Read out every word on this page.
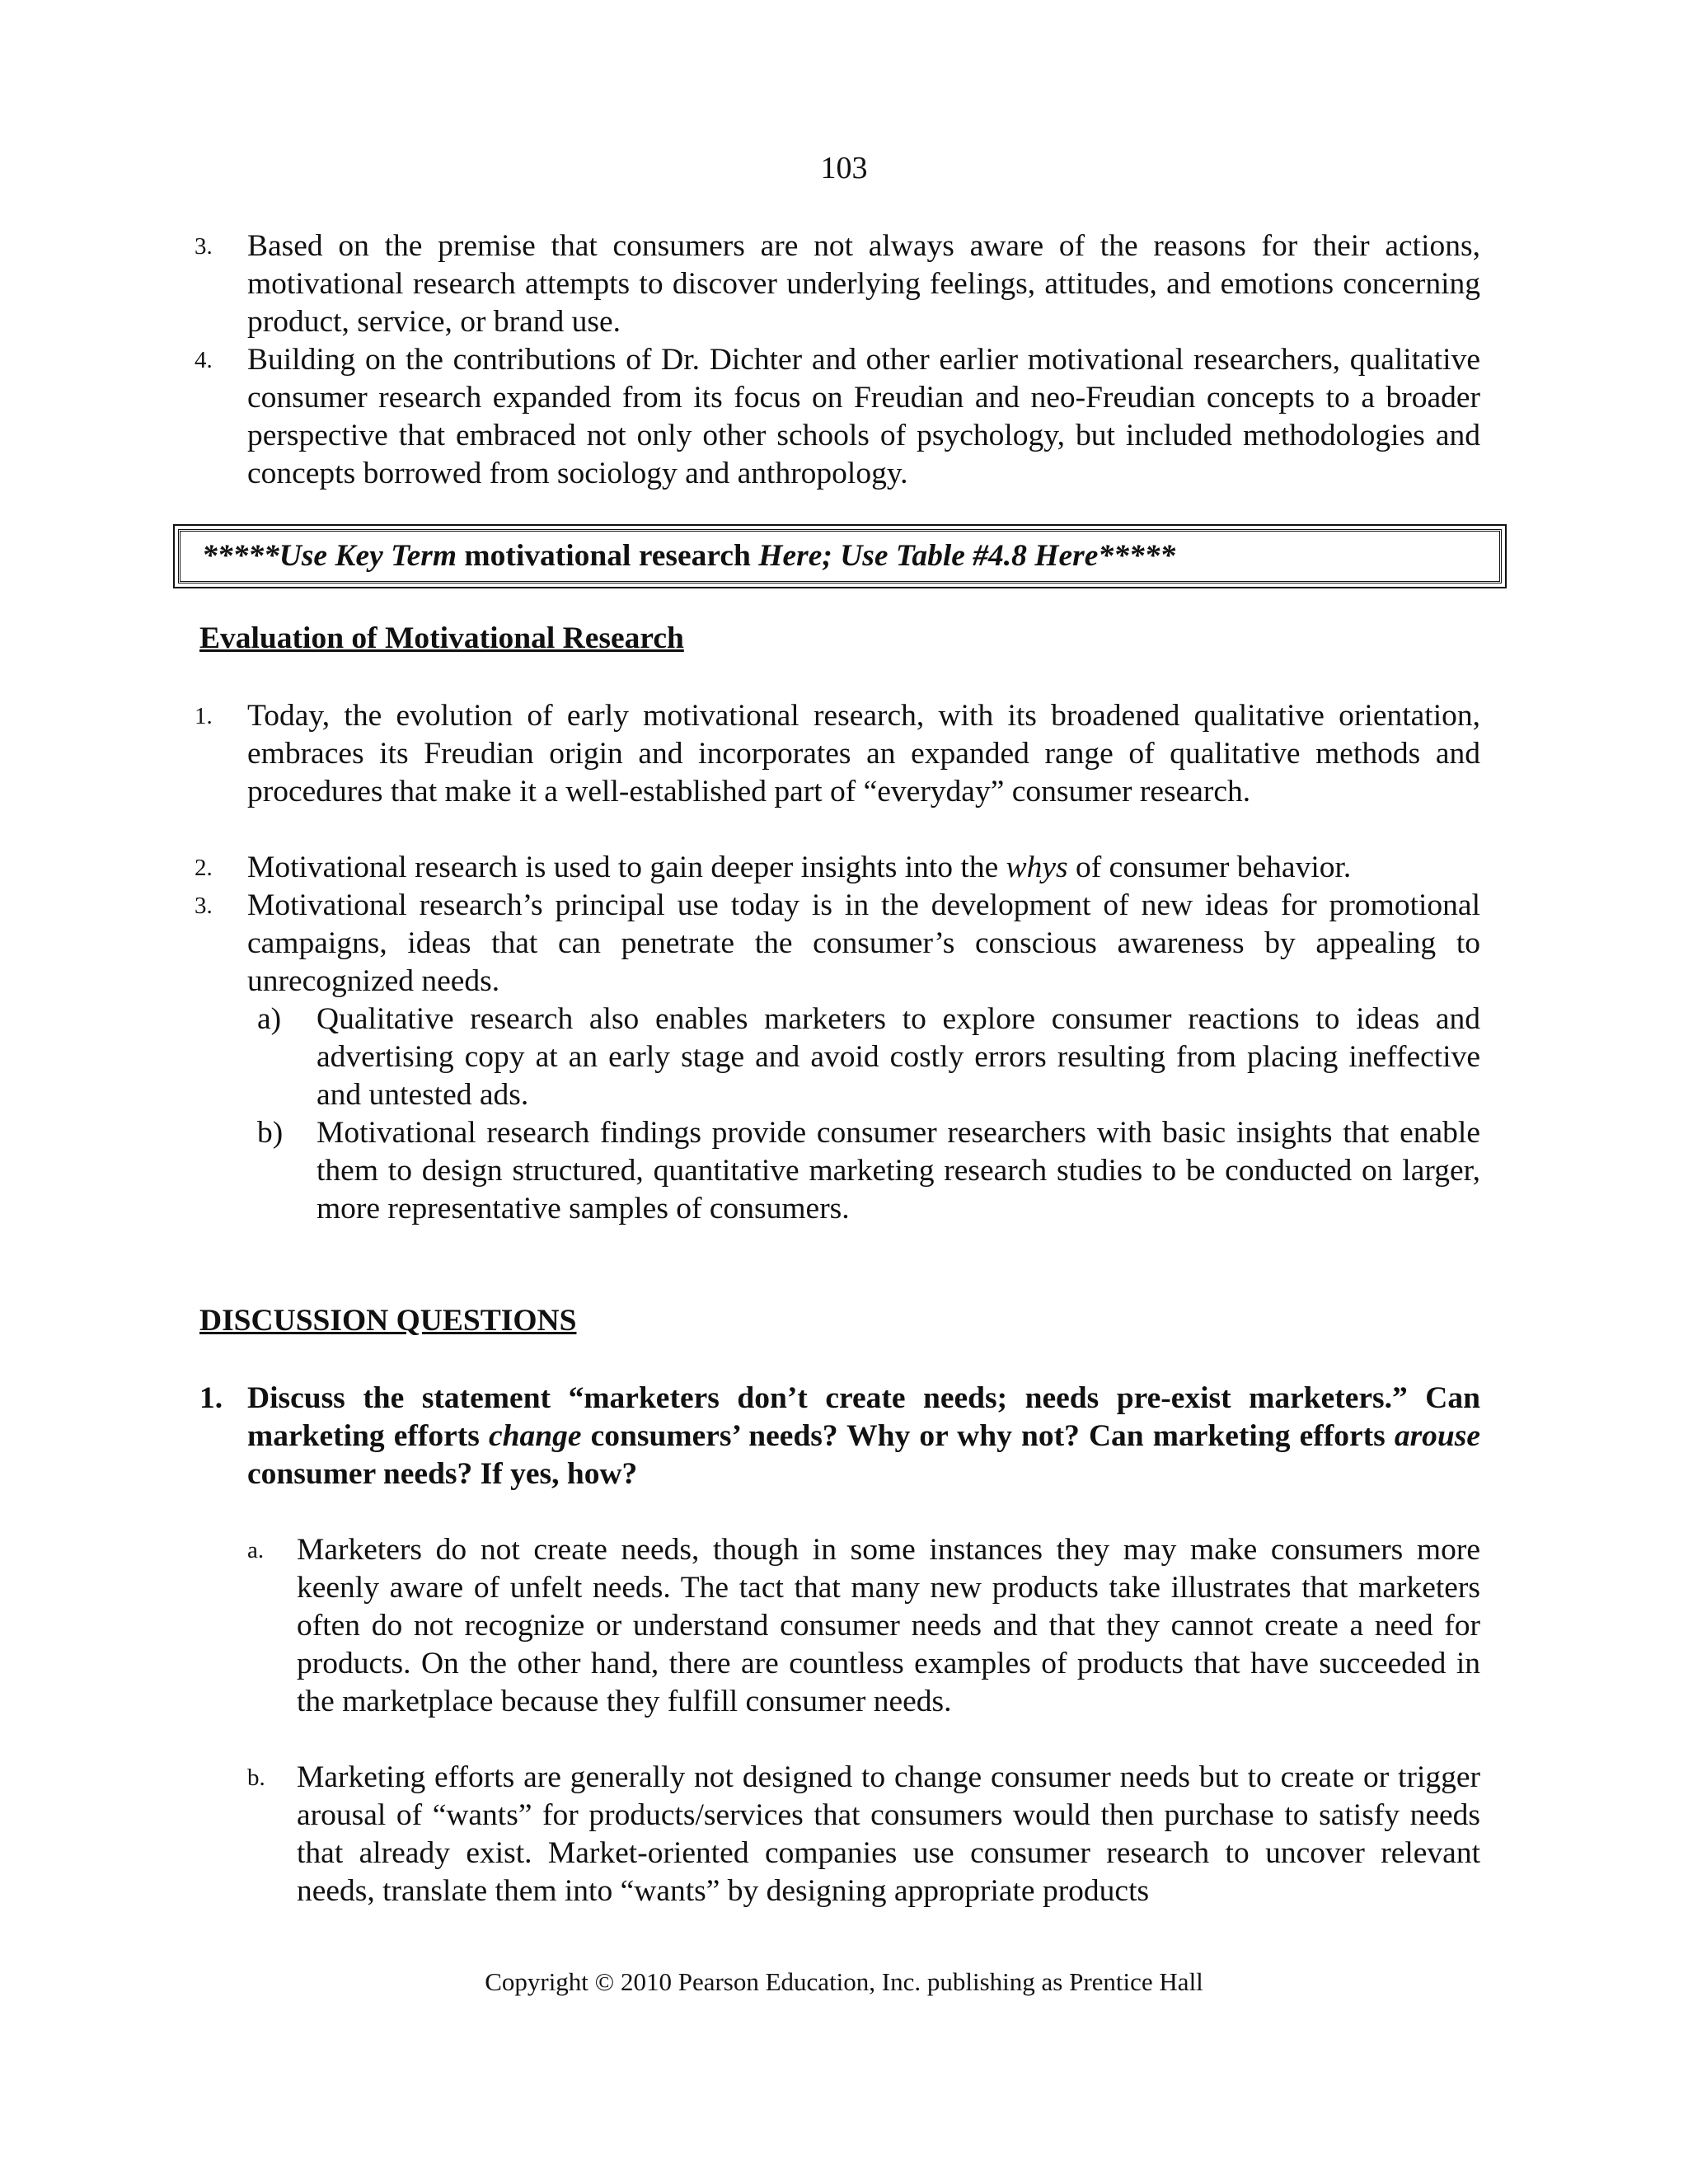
103
3. Based on the premise that consumers are not always aware of the reasons for their actions, motivational research attempts to discover underlying feelings, attitudes, and emotions concerning product, service, or brand use.
4. Building on the contributions of Dr. Dichter and other earlier motivational researchers, qualitative consumer research expanded from its focus on Freudian and neo-Freudian concepts to a broader perspective that embraced not only other schools of psychology, but included methodologies and concepts borrowed from sociology and anthropology.
*****Use Key Term motivational research Here; Use Table #4.8 Here*****
Evaluation of Motivational Research
1. Today, the evolution of early motivational research, with its broadened qualitative orientation, embraces its Freudian origin and incorporates an expanded range of qualitative methods and procedures that make it a well-established part of “everyday” consumer research.
2. Motivational research is used to gain deeper insights into the whys of consumer behavior.
3. Motivational research’s principal use today is in the development of new ideas for promotional campaigns, ideas that can penetrate the consumer’s conscious awareness by appealing to unrecognized needs.
a) Qualitative research also enables marketers to explore consumer reactions to ideas and advertising copy at an early stage and avoid costly errors resulting from placing ineffective and untested ads.
b) Motivational research findings provide consumer researchers with basic insights that enable them to design structured, quantitative marketing research studies to be conducted on larger, more representative samples of consumers.
DISCUSSION QUESTIONS
1. Discuss the statement “marketers don’t create needs; needs pre-exist marketers.” Can marketing efforts change consumers’ needs? Why or why not? Can marketing efforts arouse consumer needs? If yes, how?
a. Marketers do not create needs, though in some instances they may make consumers more keenly aware of unfelt needs. The tact that many new products take illustrates that marketers often do not recognize or understand consumer needs and that they cannot create a need for products. On the other hand, there are countless examples of products that have succeeded in the marketplace because they fulfill consumer needs.
b. Marketing efforts are generally not designed to change consumer needs but to create or trigger arousal of “wants” for products/services that consumers would then purchase to satisfy needs that already exist. Market-oriented companies use consumer research to uncover relevant needs, translate them into “wants” by designing appropriate products
Copyright © 2010 Pearson Education, Inc. publishing as Prentice Hall
